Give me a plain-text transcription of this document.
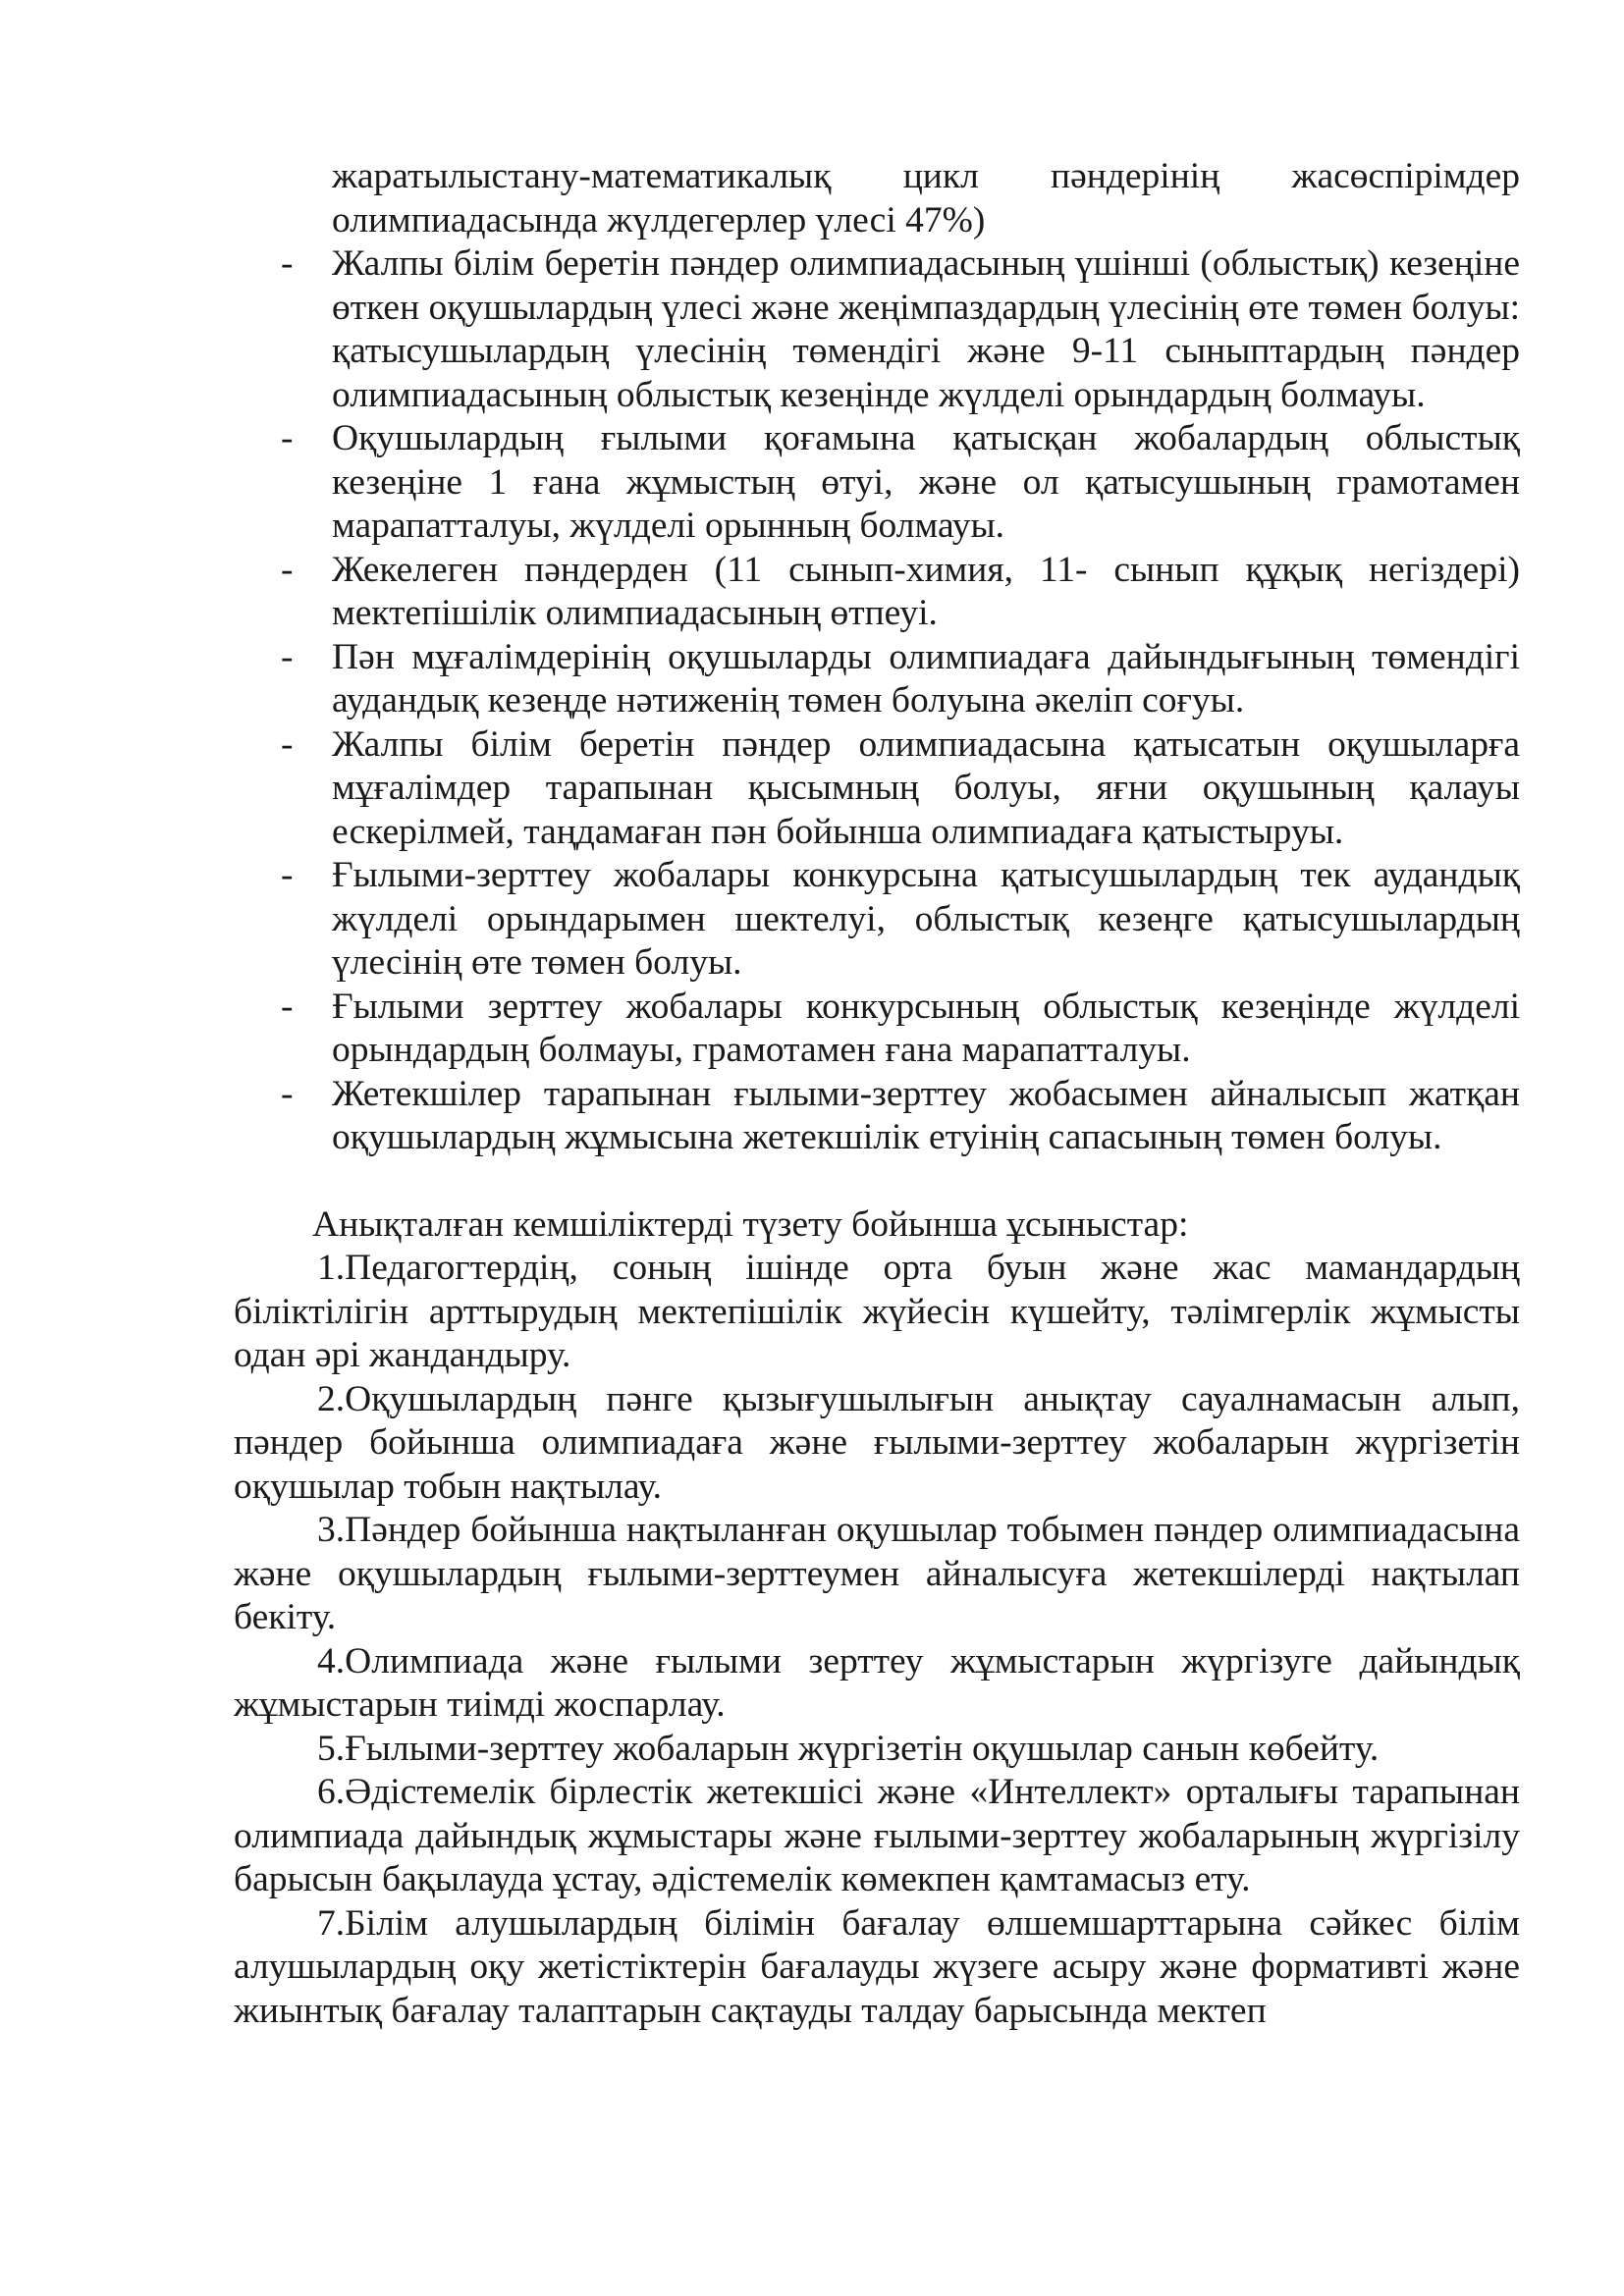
жаратылыстану-математикалық цикл пәндерінің жасөспірімдер олимпиадасында жүлдегерлер үлесі 47%)

- Жалпы білім беретін пәндер олимпиадасының үшінші (облыстық) кезеңіне өткен оқушылардың үлесі және жеңімпаздардың үлесінің өте төмен болуы: қатысушылардың үлесінің төмендігі және 9-11 сыныптардың пәндер олимпиадасының облыстық кезеңінде жүлделі орындардың болмауы.
- Оқушылардың ғылыми қоғамына қатысқан жобалардың облыстық кезеңіне 1 ғана жұмыстың өтуі, және ол қатысушының грамотамен марапатталуы, жүлделі орынның болмауы.
- Жекелеген пәндерден (11 сынып-химия, 11- сынып құқық негіздері) мектепішілік олимпиадасының өтпеуі.
- Пән мұғалімдерінің оқушыларды олимпиадаға дайындығының төмендігі аудандық кезеңде нәтиженің төмен болуына әкеліп соғуы.
- Жалпы білім беретін пәндер олимпиадасына қатысатын оқушыларға мұғалімдер тарапынан қысымның болуы, яғни оқушының қалауы ескерілмей, таңдамаған пән бойынша олимпиадаға қатыстыруы.
- Ғылыми-зерттеу жобалары конкурсына қатысушылардың тек аудандық жүлделі орындарымен шектелуі, облыстық кезеңге қатысушылардың үлесінің өте төмен болуы.
- Ғылыми зерттеу жобалары конкурсының облыстық кезеңінде жүлделі орындардың болмауы, грамотамен ғана марапатталуы.
- Жетекшілер тарапынан ғылыми-зерттеу жобасымен айналысып жатқан оқушылардың жұмысына жетекшілік етуінің сапасының төмен болуы.

Анықталған кемшіліктерді түзету бойынша ұсыныстар:

1.Педагогтердің, соның ішінде орта буын және жас мамандардың біліктілігін арттырудың мектепішілік жүйесін күшейту, тәлімгерлік жұмысты одан әрі жандандыру.

2.Оқушылардың пәнге қызығушылығын анықтау сауалнамасын алып, пәндер бойынша олимпиадаға және ғылыми-зерттеу жобаларын жүргізетін оқушылар тобын нақтылау.

3.Пәндер бойынша нақтыланған оқушылар тобымен пәндер олимпиадасына және оқушылардың ғылыми-зерттеумен айналысуға жетекшілерді нақтылап бекіту.

4.Олимпиада және ғылыми зерттеу жұмыстарын жүргізуге дайындық жұмыстарын тиімді жоспарлау.

5.Ғылыми-зерттеу жобаларын жүргізетін оқушылар санын көбейту.

6.Әдістемелік бірлестік жетекшісі және «Интеллект» орталығы тарапынан олимпиада дайындық жұмыстары және ғылыми-зерттеу жобаларының жүргізілу барысын бақылауда ұстау, әдістемелік көмекпен қамтамасыз ету.

7.Білім алушылардың білімін бағалау өлшемшарттарына сәйкес білім алушылардың оқу жетістіктерін бағалауды жүзеге асыру және формативті және жиынтық бағалау талаптарын сақтауды талдау барысында мектеп
